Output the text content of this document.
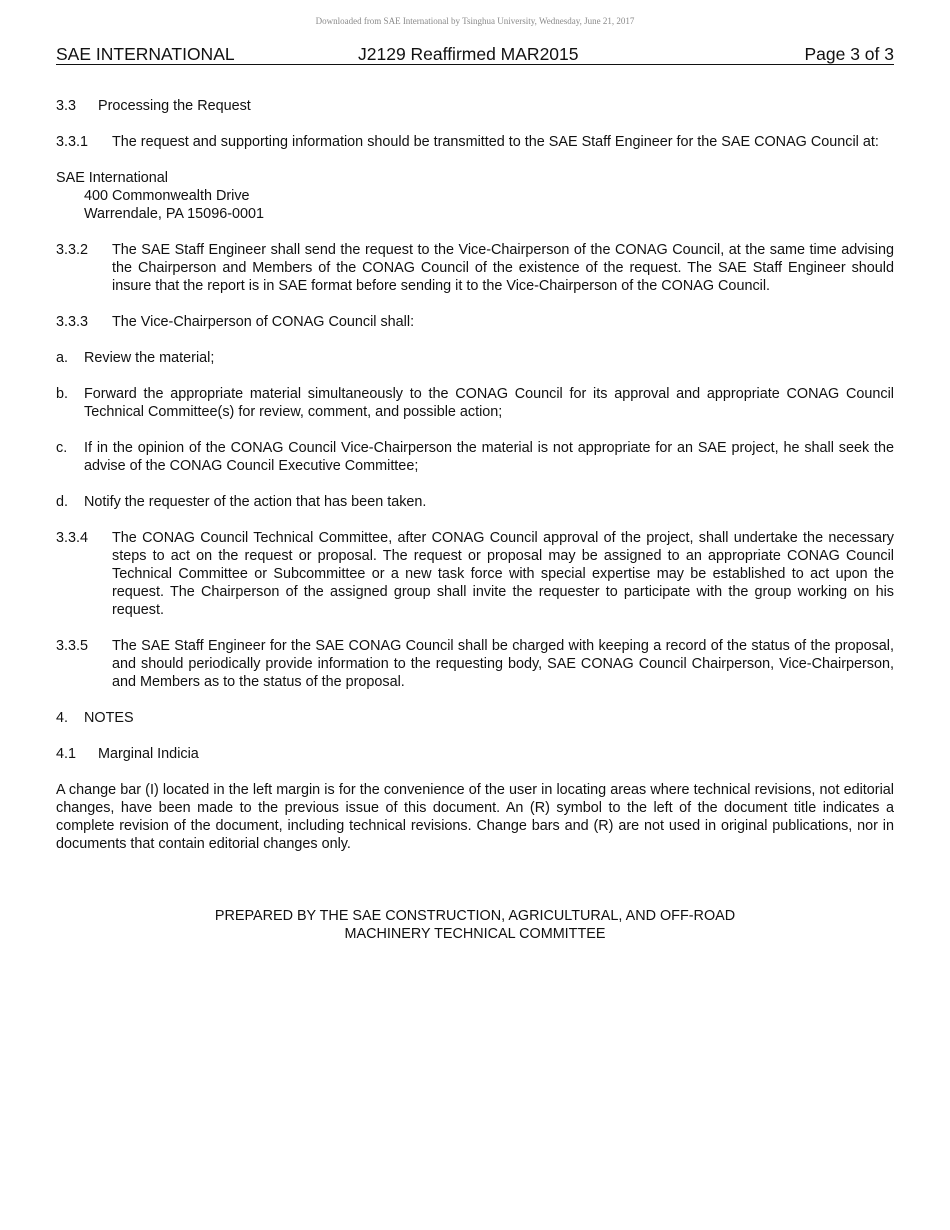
Downloaded from SAE International by Tsinghua University, Wednesday, June 21, 2017
SAE INTERNATIONAL	J2129 Reaffirmed MAR2015	Page 3 of 3
3.3	Processing the Request
3.3.1	The request and supporting information should be transmitted to the SAE Staff Engineer for the SAE CONAG Council at:
SAE International
400 Commonwealth Drive
Warrendale, PA 15096-0001
3.3.2	The SAE Staff Engineer shall send the request to the Vice-Chairperson of the CONAG Council, at the same time advising the Chairperson and Members of the CONAG Council of the existence of the request. The SAE Staff Engineer should insure that the report is in SAE format before sending it to the Vice-Chairperson of the CONAG Council.
3.3.3	The Vice-Chairperson of CONAG Council shall:
a.	Review the material;
b.	Forward the appropriate material simultaneously to the CONAG Council for its approval and appropriate CONAG Council Technical Committee(s) for review, comment, and possible action;
c.	If in the opinion of the CONAG Council Vice-Chairperson the material is not appropriate for an SAE project, he shall seek the advise of the CONAG Council Executive Committee;
d.	Notify the requester of the action that has been taken.
3.3.4	The CONAG Council Technical Committee, after CONAG Council approval of the project, shall undertake the necessary steps to act on the request or proposal. The request or proposal may be assigned to an appropriate CONAG Council Technical Committee or Subcommittee or a new task force with special expertise may be established to act upon the request. The Chairperson of the assigned group shall invite the requester to participate with the group working on his request.
3.3.5	The SAE Staff Engineer for the SAE CONAG Council shall be charged with keeping a record of the status of the proposal, and should periodically provide information to the requesting body, SAE CONAG Council Chairperson, Vice-Chairperson, and Members as to the status of the proposal.
4.	NOTES
4.1	Marginal Indicia

A change bar (I) located in the left margin is for the convenience of the user in locating areas where technical revisions, not editorial changes, have been made to the previous issue of this document. An (R) symbol to the left of the document title indicates a complete revision of the document, including technical revisions. Change bars and (R) are not used in original publications, nor in documents that contain editorial changes only.

PREPARED BY THE SAE CONSTRUCTION, AGRICULTURAL, AND OFF-ROAD
MACHINERY TECHNICAL COMMITTEE
